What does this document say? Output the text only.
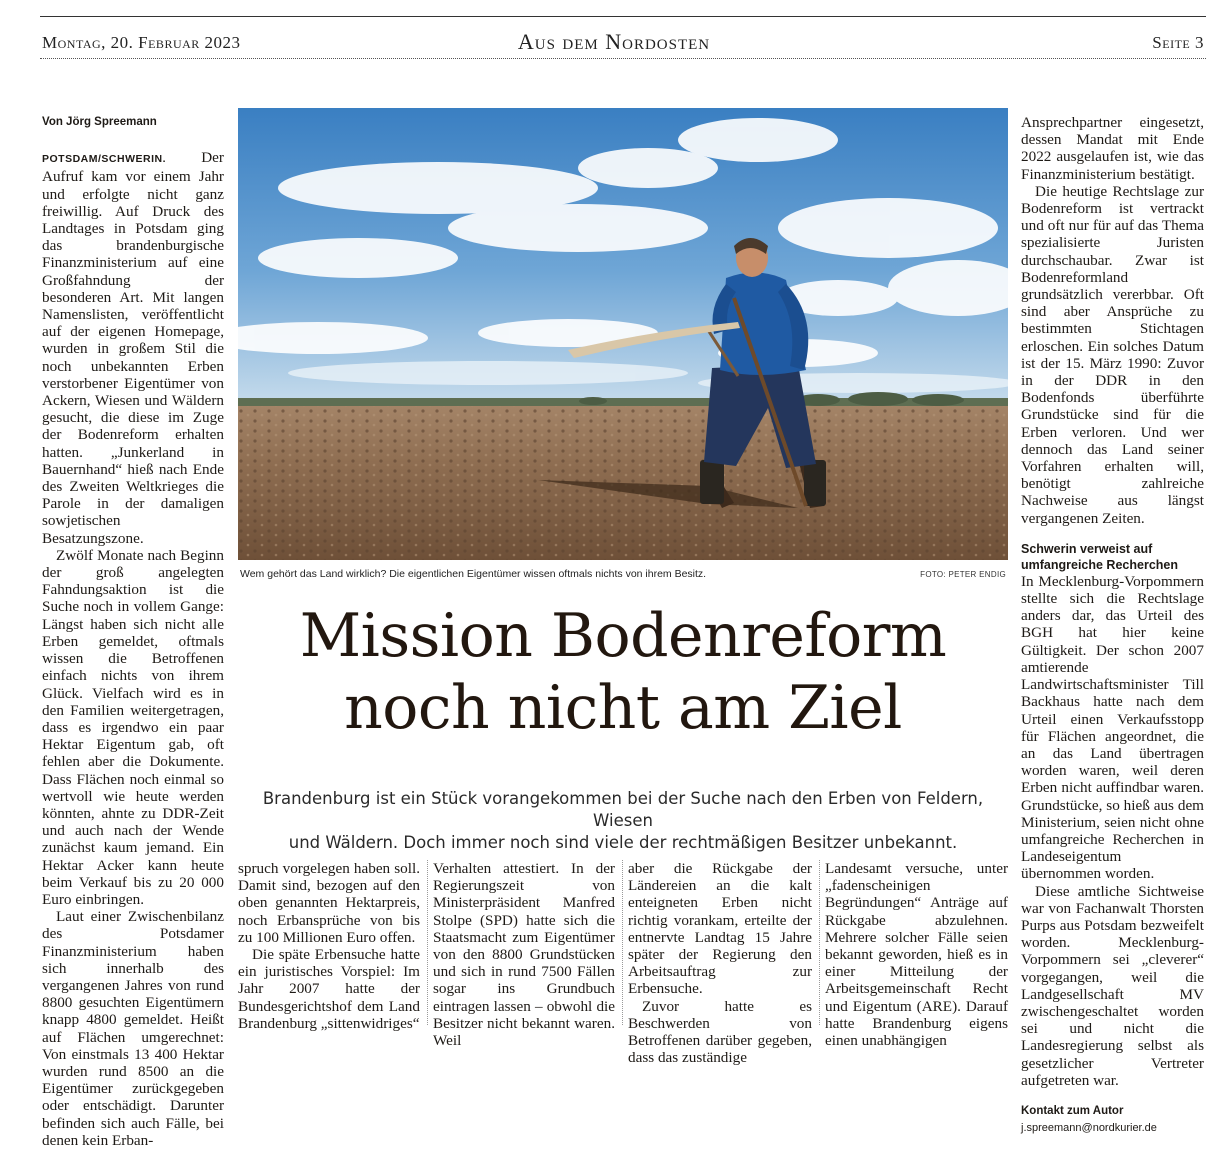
Montag, 20. Februar 2023	Aus dem Nordosten	Seite 3
Von Jörg Spreemann

POTSDAM/SCHWERIN. Der Aufruf kam vor einem Jahr und erfolgte nicht ganz freiwillig. Auf Druck des Landtages in Potsdam ging das brandenburgische Finanzministerium auf eine Großfahndung der besonderen Art. Mit langen Namenslisten, veröffentlicht auf der eigenen Homepage, wurden in großem Stil die noch unbekannten Erben verstorbener Eigentümer von Ackern, Wiesen und Wäldern gesucht, die diese im Zuge der Bodenreform erhalten hatten. „Junkerland in Bauernhand“ hieß nach Ende des Zweiten Weltkrieges die Parole in der damaligen sowjetischen Besatzungszone.

Zwölf Monate nach Beginn der groß angelegten Fahndungsaktion ist die Suche noch in vollem Gange: Längst haben sich nicht alle Erben gemeldet, oftmals wissen die Betroffenen einfach nichts von ihrem Glück. Vielfach wird es in den Familien weitergetragen, dass es irgendwo ein paar Hektar Eigentum gab, oft fehlen aber die Dokumente. Dass Flächen noch einmal so wertvoll wie heute werden könnten, ahnte zu DDR-Zeit und auch nach der Wende zunächst kaum jemand. Ein Hektar Acker kann heute beim Verkauf bis zu 20 000 Euro einbringen.

Laut einer Zwischenbilanz des Potsdamer Finanzministerium haben sich innerhalb des vergangenen Jahres von rund 8800 gesuchten Eigentümern knapp 4800 gemeldet. Heißt auf Flächen umgerechnet: Von einstmals 13 400 Hektar wurden rund 8500 an die Eigentümer zurückgegeben oder entschädigt. Darunter befinden sich auch Fälle, bei denen kein Erban-

Wem gehört das Land wirklich? Die eigentlichen Eigentümer wissen oftmals nichts von ihrem Besitz.	FOTO: PETER ENDIG
Mission Bodenreform
noch nicht am Ziel
Brandenburg ist ein Stück vorangekommen bei der Suche nach den Erben von Feldern, Wiesen
und Wäldern. Doch immer noch sind viele der rechtmäßigen Besitzer unbekannt.

spruch vorgelegen haben soll. Damit sind, bezogen auf den oben genannten Hektarpreis, noch Erbansprüche von bis zu 100 Millionen Euro offen.

Die späte Erbensuche hatte ein juristisches Vorspiel: Im Jahr 2007 hatte der Bundesgerichtshof dem Land Brandenburg „sittenwidriges“

Verhalten attestiert. In der Regierungszeit von Ministerpräsident Manfred Stolpe (SPD) hatte sich die Staatsmacht zum Eigentümer von den 8800 Grundstücken und sich in rund 7500 Fällen sogar ins Grundbuch eintragen lassen – obwohl die Besitzer nicht bekannt waren. Weil

aber die Rückgabe der Ländereien an die kalt enteigneten Erben nicht richtig vorankam, erteilte der entnervte Landtag 15 Jahre später der Regierung den Arbeitsauftrag zur Erbensuche.

Zuvor hatte es Beschwerden von Betroffenen darüber gegeben, dass das zuständige

Landesamt versuche, unter „fadenscheinigen Begründungen“ Anträge auf Rückgabe abzulehnen. Mehrere solcher Fälle seien bekannt geworden, hieß es in einer Mitteilung der Arbeitsgemeinschaft Recht und Eigentum (ARE). Darauf hatte Brandenburg eigens einen unabhängigen

Ansprechpartner eingesetzt, dessen Mandat mit Ende 2022 ausgelaufen ist, wie das Finanzministerium bestätigt.

Die heutige Rechtslage zur Bodenreform ist vertrackt und oft nur für auf das Thema spezialisierte Juristen durchschaubar. Zwar ist Bodenreformland grundsätzlich vererbbar. Oft sind aber Ansprüche zu bestimmten Stichtagen erloschen. Ein solches Datum ist der 15. März 1990: Zuvor in der DDR in den Bodenfonds überführte Grundstücke sind für die Erben verloren. Und wer dennoch das Land seiner Vorfahren erhalten will, benötigt zahlreiche Nachweise aus längst vergangenen Zeiten.

Schwerin verweist auf umfangreiche Recherchen

In Mecklenburg-Vorpommern stellte sich die Rechtslage anders dar, das Urteil des BGH hat hier keine Gültigkeit. Der schon 2007 amtierende Landwirtschaftsminister Till Backhaus hatte nach dem Urteil einen Verkaufsstopp für Flächen angeordnet, die an das Land übertragen worden waren, weil deren Erben nicht auffindbar waren. Grundstücke, so hieß aus dem Ministerium, seien nicht ohne umfangreiche Recherchen in Landeseigentum übernommen worden.

Diese amtliche Sichtweise war von Fachanwalt Thorsten Purps aus Potsdam bezweifelt worden. Mecklenburg-Vorpommern sei „cleverer“ vorgegangen, weil die Landgesellschaft MV zwischengeschaltet worden sei und nicht die Landesregierung selbst als gesetzlicher Vertreter aufgetreten war.

Kontakt zum Autor
j.spreemann@nordkurier.de
